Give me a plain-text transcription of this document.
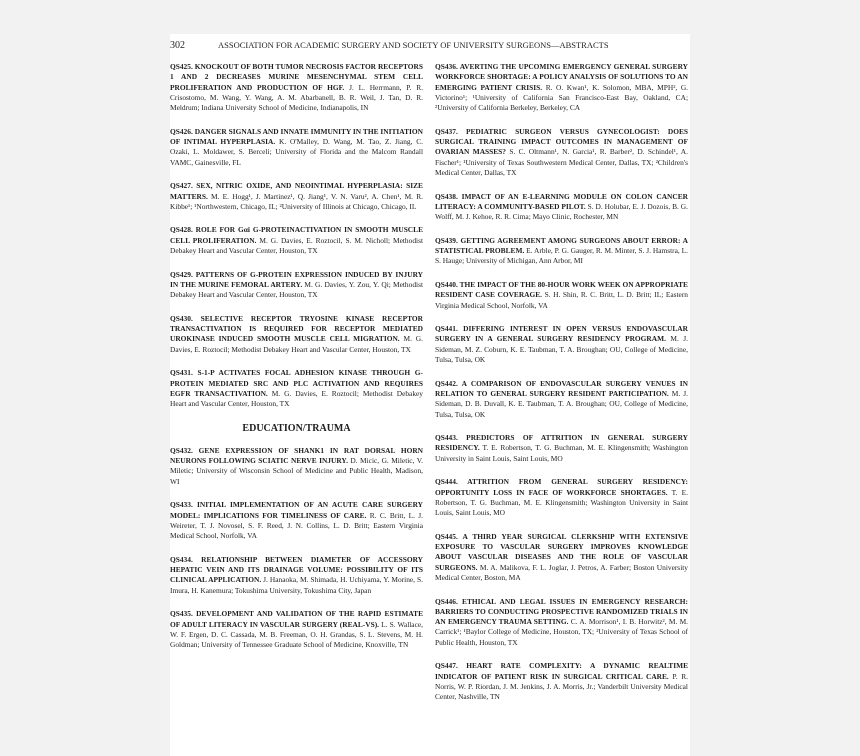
302	ASSOCIATION FOR ACADEMIC SURGERY AND SOCIETY OF UNIVERSITY SURGEONS—ABSTRACTS

QS425. KNOCKOUT OF BOTH TUMOR NECROSIS FACTOR RECEPTORS 1 AND 2 DECREASES MURINE MESENCHYMAL STEM CELL PROLIFERATION AND PRODUCTION OF HGF. J. L. Herrmann, P. R. Crisostomo, M. Wang, Y. Wang, A. M. Abarbanell, B. R. Weil, J. Tan, D. R. Meldrum; Indiana University School of Medicine, Indianapolis, IN

QS426. DANGER SIGNALS AND INNATE IMMUNITY IN THE INITIATION OF INTIMAL HYPERPLASIA. K. O'Malley, D. Wang, M. Tao, Z. Jiang, C. Ozaki, L. Moldawer, S. Berceli; University of Florida and the Malcom Randall VAMC, Gainesville, FL

QS427. SEX, NITRIC OXIDE, AND NEOINTIMAL HYPERPLASIA: SIZE MATTERS. M. E. Hogg¹, J. Martinez¹, Q. Jiang¹, V. N. Varu², A. Chen¹, M. R. Kibbe¹; ¹Northwestern, Chicago, IL; ²University of Illinois at Chicago, Chicago, IL

QS428. ROLE FOR Gαi G-PROTEINACTIVATION IN SMOOTH MUSCLE CELL PROLIFERATION. M. G. Davies, E. Roztocil, S. M. Nicholl; Methodist Debakey Heart and Vascular Center, Houston, TX

QS429. PATTERNS OF G-PROTEIN EXPRESSION INDUCED BY INJURY IN THE MURINE FEMORAL ARTERY. M. G. Davies, Y. Zou, Y. Qi; Methodist Debakey Heart and Vascular Center, Houston, TX

QS430. SELECTIVE RECEPTOR TRYOSINE KINASE RECEPTOR TRANSACTIVATION IS REQUIRED FOR RECEPTOR MEDIATED UROKINASE INDUCED SMOOTH MUSCLE CELL MIGRATION. M. G. Davies, E. Roztocil; Methodist Debakey Heart and Vascular Center, Houston, TX

QS431. S-1-P ACTIVATES FOCAL ADHESION KINASE THROUGH G-PROTEIN MEDIATED SRC AND PLC ACTIVATION AND REQUIRES EGFR TRANSACTIVATION. M. G. Davies, E. Roztocil; Methodist Debakey Heart and Vascular Center, Houston, TX

EDUCATION/TRAUMA

QS432. GENE EXPRESSION OF SHANK1 IN RAT DORSAL HORN NEURONS FOLLOWING SCIATIC NERVE INJURY. D. Micic, G. Miletic, V. Miletic; University of Wisconsin School of Medicine and Public Health, Madison, WI

QS433. INITIAL IMPLEMENTATION OF AN ACUTE CARE SURGERY MODEL: IMPLICATIONS FOR TIMELINESS OF CARE. R. C. Britt, L. J. Weireter, T. J. Novosel, S. F. Reed, J. N. Collins, L. D. Britt; Eastern Virginia Medical School, Norfolk, VA

QS434. RELATIONSHIP BETWEEN DIAMETER OF ACCESSORY HEPATIC VEIN AND ITS DRAINAGE VOLUME: POSSIBILITY OF ITS CLINICAL APPLICATION. J. Hanaoka, M. Shimada, H. Uchiyama, Y. Morine, S. Imura, H. Kanemura; Tokushima University, Tokushima City, Japan

QS435. DEVELOPMENT AND VALIDATION OF THE RAPID ESTIMATE OF ADULT LITERACY IN VASCULAR SURGERY (REAL-VS). L. S. Wallace, W. F. Ergen, D. C. Cassada, M. B. Freeman, O. H. Grandas, S. L. Stevens, M. H. Goldman; University of Tennessee Graduate School of Medicine, Knoxville, TN

QS436. AVERTING THE UPCOMING EMERGENCY GENERAL SURGERY WORKFORCE SHORTAGE: A POLICY ANALYSIS OF SOLUTIONS TO AN EMERGING PATIENT CRISIS. R. O. Kwan¹, K. Solomon, MBA, MPH², G. Victorino¹; ¹University of California San Francisco-East Bay, Oakland, CA; ²University of California Berkeley, Berkeley, CA

QS437. PEDIATRIC SURGEON VERSUS GYNECOLOGIST: DOES SURGICAL TRAINING IMPACT OUTCOMES IN MANAGEMENT OF OVARIAN MASSES? S. C. Oltmann¹, N. Garcia¹, R. Barber², D. Schindel¹, A. Fischer¹; ¹University of Texas Southwestern Medical Center, Dallas, TX; ²Children's Medical Center, Dallas, TX

QS438. IMPACT OF AN E-LEARNING MODULE ON COLON CANCER LITERACY: A COMMUNITY-BASED PILOT. S. D. Holubar, E. J. Dozois, B. G. Wolff, M. J. Kehoe, R. R. Cima; Mayo Clinic, Rochester, MN

QS439. GETTING AGREEMENT AMONG SURGEONS ABOUT ERROR: A STATISTICAL PROBLEM. E. Arble, P. G. Gauger, R. M. Minter, S. J. Hamstra, L. S. Hauge; University of Michigan, Ann Arbor, MI

QS440. THE IMPACT OF THE 80-HOUR WORK WEEK ON APPROPRIATE RESIDENT CASE COVERAGE. S. H. Shin, R. C. Britt, L. D. Britt; IL; Eastern Virginia Medical School, Norfolk, VA

QS441. DIFFERING INTEREST IN OPEN VERSUS ENDOVASCULAR SURGERY IN A GENERAL SURGERY RESIDENCY PROGRAM. M. J. Sideman, M. Z. Coburn, K. E. Taubman, T. A. Broughan; OU, College of Medicine, Tulsa, Tulsa, OK

QS442. A COMPARISON OF ENDOVASCULAR SURGERY VENUES IN RELATION TO GENERAL SURGERY RESIDENT PARTICIPATION. M. J. Sideman, D. B. Duvall, K. E. Taubman, T. A. Broughan; OU, College of Medicine, Tulsa, Tulsa, OK

QS443. PREDICTORS OF ATTRITION IN GENERAL SURGERY RESIDENCY. T. E. Robertson, T. G. Buchman, M. E. Klingensmith; Washington University in Saint Louis, Saint Louis, MO

QS444. ATTRITION FROM GENERAL SURGERY RESIDENCY: OPPORTUNITY LOSS IN FACE OF WORKFORCE SHORTAGES. T. E. Robertson, T. G. Buchman, M. E. Klingensmith; Washington University in Saint Louis, Saint Louis, MO

QS445. A THIRD YEAR SURGICAL CLERKSHIP WITH EXTENSIVE EXPOSURE TO VASCULAR SURGERY IMPROVES KNOWLEDGE ABOUT VASCULAR DISEASES AND THE ROLE OF VASCULAR SURGEONS. M. A. Malikova, F. L. Joglar, J. Petros, A. Farber; Boston University Medical Center, Boston, MA

QS446. ETHICAL AND LEGAL ISSUES IN EMERGENCY RESEARCH: BARRIERS TO CONDUCTING PROSPECTIVE RANDOMIZED TRIALS IN AN EMERGENCY TRAUMA SETTING. C. A. Morrison¹, I. B. Horwitz², M. M. Carrick¹; ¹Baylor College of Medicine, Houston, TX; ²University of Texas School of Public Health, Houston, TX

QS447. HEART RATE COMPLEXITY: A DYNAMIC REALTIME INDICATOR OF PATIENT RISK IN SURGICAL CRITICAL CARE. P. R. Norris, W. P. Riordan, J. M. Jenkins, J. A. Morris, Jr.; Vanderbilt University Medical Center, Nashville, TN
